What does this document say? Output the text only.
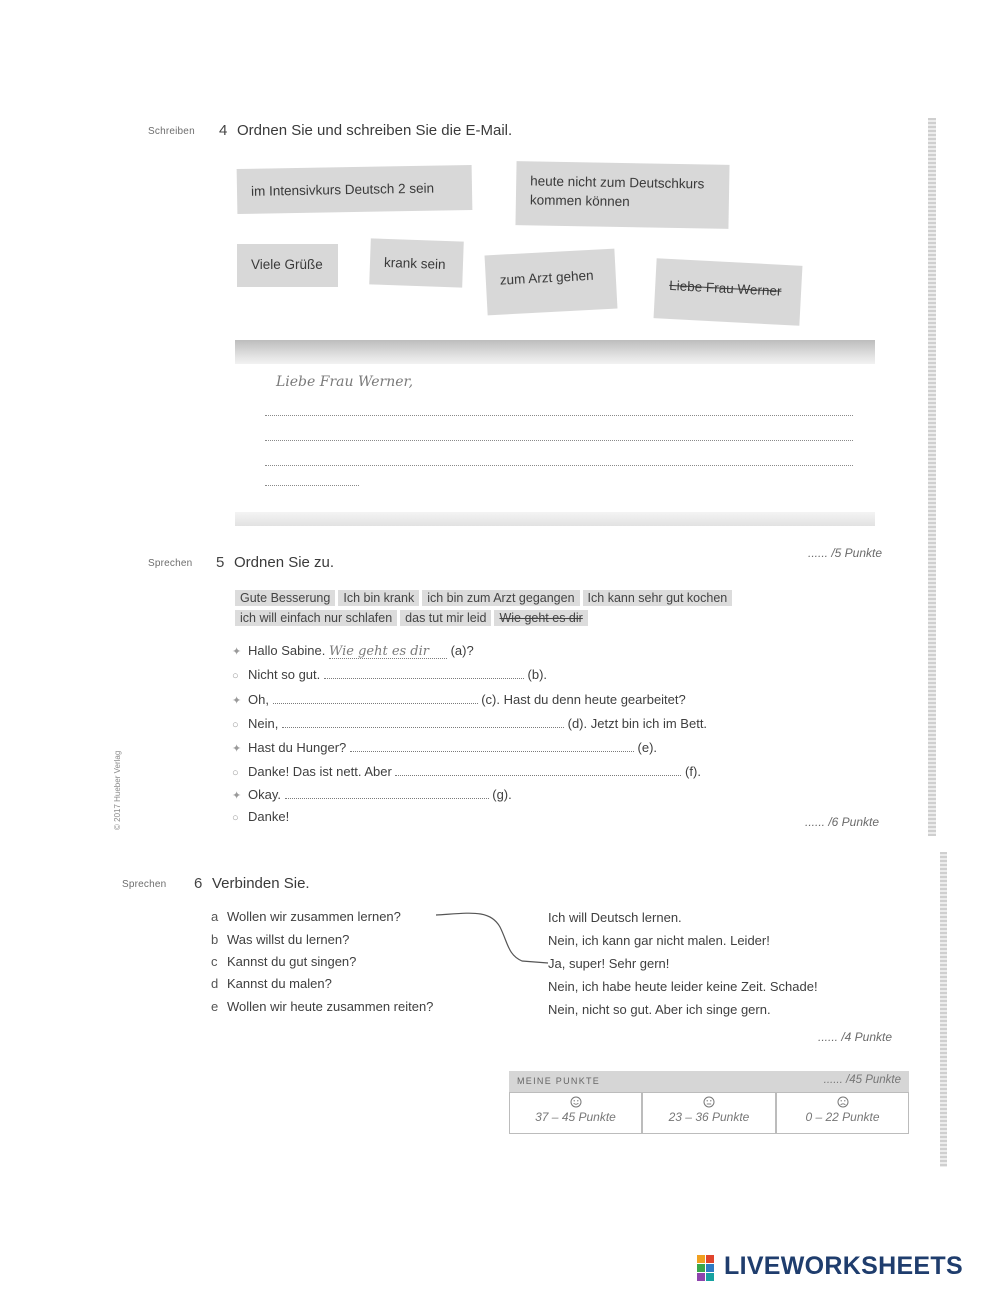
Schreiben 4 Ordnen Sie und schreiben Sie die E-Mail.
im Intensivkurs Deutsch 2 sein	heute nicht zum Deutschkurs kommen können
Viele Grüße	krank sein
zum Arzt gehen
Liebe Frau Werner
Liebe Frau Werner,
...... /5 Punkte
Sprechen 5 Ordnen Sie zu.
Gute Besserung Ich bin krank ich bin zum Arzt gegangen Ich kann sehr gut kochen
ich will einfach nur schlafen das tut mir leid Wie geht es dir
✦ Hallo Sabine. Wie geht es dir (a)?
○ Nicht so gut.	(b).
✦ Oh,	(c). Hast du denn heute gearbeitet?
○ Nein,	(d). Jetzt bin ich im Bett.
✦ Hast du Hunger?	(e).
○ Danke! Das ist nett. Aber	(f).
✦ Okay.	(g).
○ Danke!	...... /6 Punkte
© 2017 Hueber Verlag
Sprechen 6 Verbinden Sie.
a Wollen wir zusammen lernen?
b Was willst du lernen?
c Kannst du gut singen?
d Kannst du malen?
e Wollen wir heute zusammen reiten?
Ich will Deutsch lernen.
Nein, ich kann gar nicht malen. Leider!
Ja, super! Sehr gern!
Nein, ich habe heute leider keine Zeit. Schade!
Nein, nicht so gut. Aber ich singe gern.
...... /4 Punkte
MEINE PUNKTE	...... /45 Punkte
37 – 45 Punkte	23 – 36 Punkte	0 – 22 Punkte
LIVEWORKSHEETS
